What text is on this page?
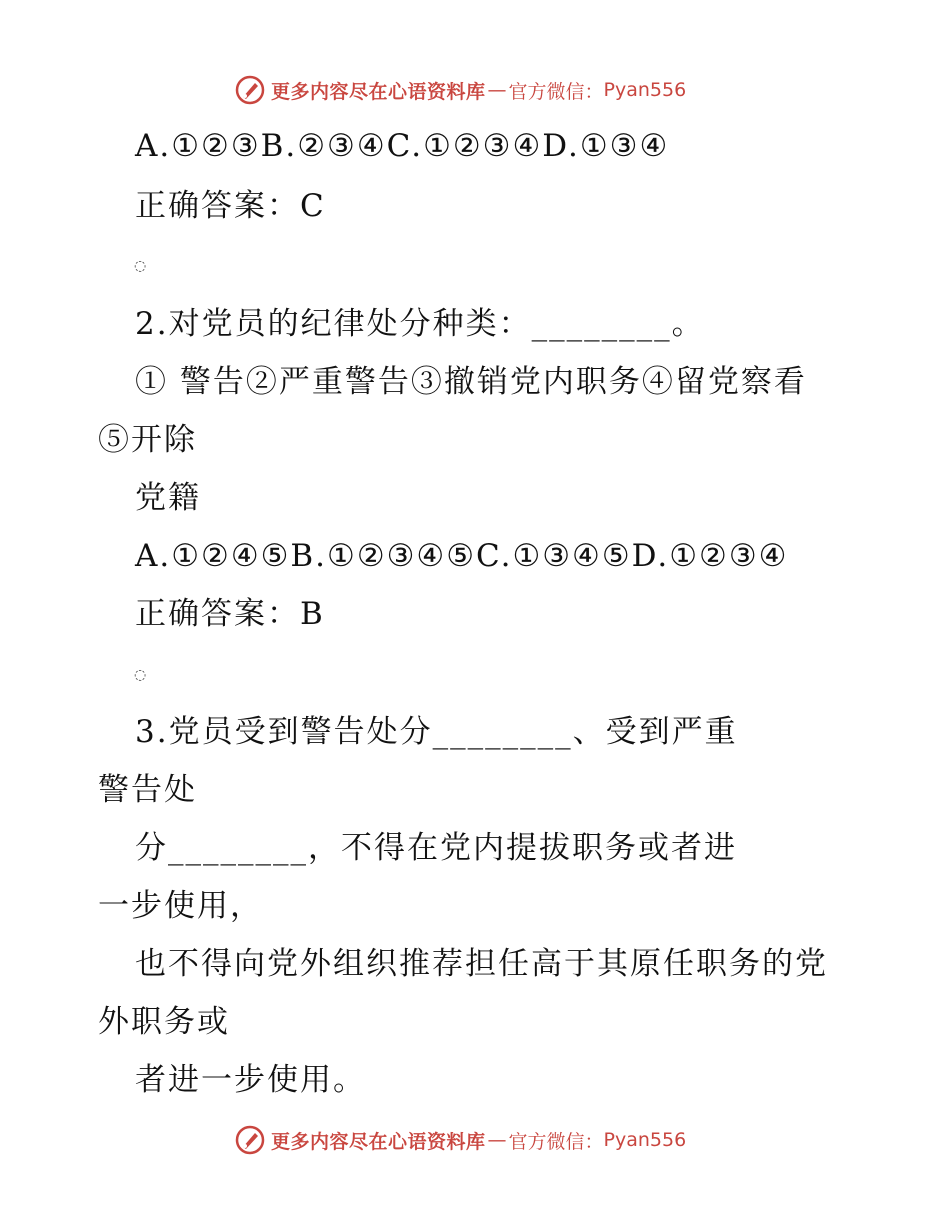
更多内容尽在心语资料库 — 官方微信： Pyan556
A.①②③B.②③④C.①②③④D.①③④
正确答案：C
◌
2.对党员的纪律处分种类：________。
① 警告②严重警告③撤销党内职务④留党察看
⑤开除
党籍
A.①②④⑤B.①②③④⑤C.①③④⑤D.①②③④
正确答案：B
◌
3.党员受到警告处分________、受到严重
警告处
分________，不得在党内提拔职务或者进
一步使用，
也不得向党外组织推荐担任高于其原任职务的党
外职务或
者进一步使用。
更多内容尽在心语资料库 — 官方微信： Pyan556
